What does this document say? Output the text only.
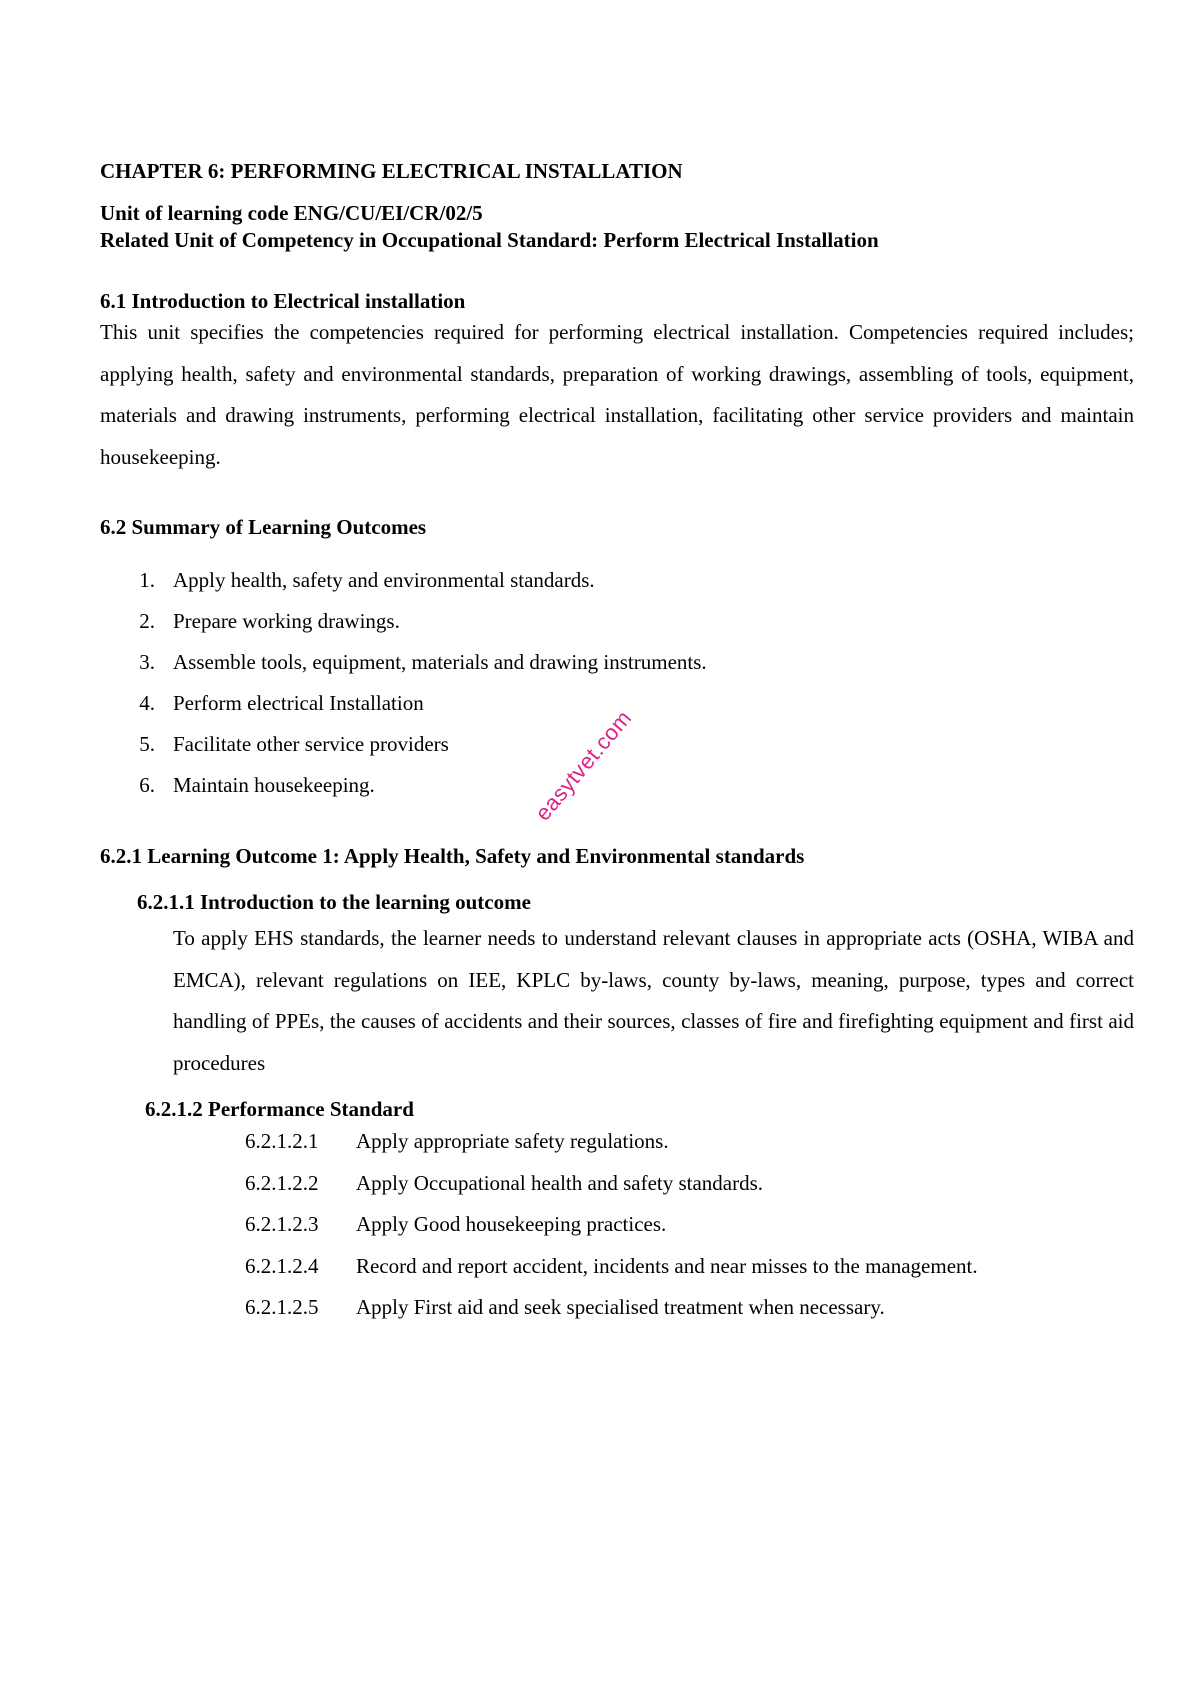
CHAPTER 6: PERFORMING ELECTRICAL INSTALLATION
Unit of learning code ENG/CU/EI/CR/02/5
Related Unit of Competency in Occupational Standard: Perform Electrical Installation
6.1 Introduction to Electrical installation
This unit specifies the competencies required for performing electrical installation. Competencies required includes; applying health, safety and environmental standards, preparation of working drawings, assembling of tools, equipment, materials and drawing instruments, performing electrical installation, facilitating other service providers and maintain housekeeping.
6.2 Summary of Learning Outcomes
1. Apply health, safety and environmental standards.
2. Prepare working drawings.
3. Assemble tools, equipment, materials and drawing instruments.
4. Perform electrical Installation
5. Facilitate other service providers
6. Maintain housekeeping.
6.2.1 Learning Outcome 1: Apply Health, Safety and Environmental standards
6.2.1.1 Introduction to the learning outcome
To apply EHS standards, the learner needs to understand relevant clauses in appropriate acts (OSHA, WIBA and EMCA), relevant regulations on IEE, KPLC by-laws, county by-laws, meaning, purpose, types and correct handling of PPEs, the causes of accidents and their sources, classes of fire and firefighting equipment and first aid procedures
6.2.1.2 Performance Standard
6.2.1.2.1 Apply appropriate safety regulations.
6.2.1.2.2 Apply Occupational health and safety standards.
6.2.1.2.3 Apply Good housekeeping practices.
6.2.1.2.4 Record and report accident, incidents and near misses to the management.
6.2.1.2.5 Apply First aid and seek specialised treatment when necessary.
easytvet.com
